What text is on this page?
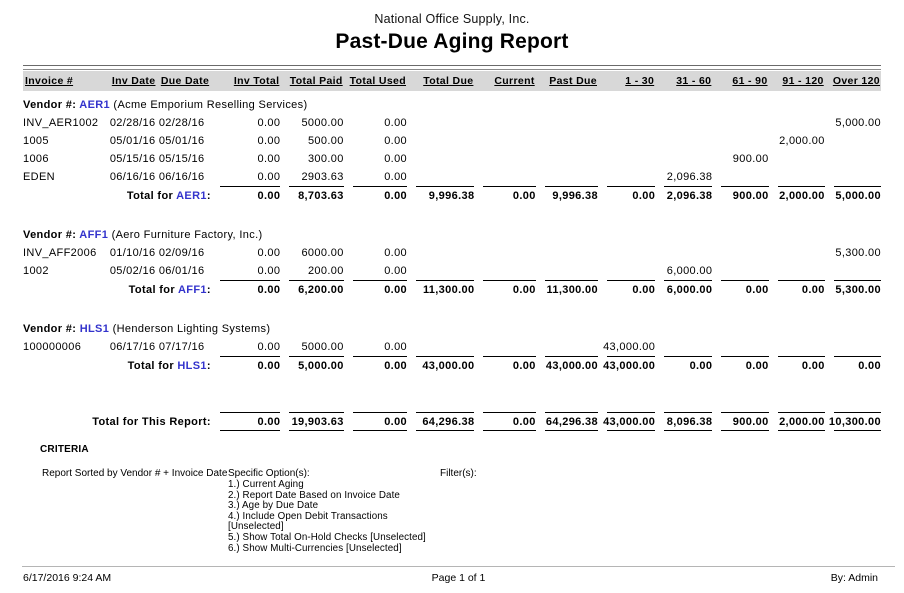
National Office Supply, Inc.
Past-Due Aging Report
Invoice #	Inv Date	Due Date	Inv Total	Total Paid	Total Used	Total Due	Current	Past Due	1 - 30	31 - 60	61 - 90	91 - 120	Over 120
Vendor #: AER1 (Acme Emporium Reselling Services)													
INV_AER1002	02/28/16	02/28/16	0.00	5000.00	0.00								5,000.00
1005	05/01/16	05/01/16	0.00	500.00	0.00							2,000.00	
1006	05/15/16	05/15/16	0.00	300.00	0.00						900.00		
EDEN	06/16/16	06/16/16	0.00	2903.63	0.00					2,096.38			
Total for AER1:			0.00	8,703.63	0.00	9,996.38	0.00	9,996.38	0.00	2,096.38	900.00	2,000.00	5,000.00

Vendor #: AFF1 (Aero Furniture Factory, Inc.)													
INV_AFF2006	01/10/16	02/09/16	0.00	6000.00	0.00								5,300.00
1002	05/02/16	06/01/16	0.00	200.00	0.00					6,000.00			
Total for AFF1:			0.00	6,200.00	0.00	11,300.00	0.00	11,300.00	0.00	6,000.00	0.00	0.00	5,300.00

Vendor #: HLS1 (Henderson Lighting Systems)													
100000006	06/17/16	07/17/16	0.00	5000.00	0.00				43,000.00				
Total for HLS1:			0.00	5,000.00	0.00	43,000.00	0.00	43,000.00	43,000.00	0.00	0.00	0.00	0.00

Total for This Report:			0.00	19,903.63	0.00	64,296.38	0.00	64,296.38	43,000.00	8,096.38	900.00	2,000.00	10,300.00
CRITERIA
Report Sorted by Vendor # + Invoice Date Specific Option(s):
1.) Current Aging
2.) Report Date Based on Invoice Date
3.) Age by Due Date
4.) Include Open Debit Transactions [Unselected]
5.) Show Total On-Hold Checks [Unselected]
6.) Show Multi-Currencies [Unselected]
Filter(s):
6/17/2016 9:24 AM	Page 1 of 1	By: Admin
